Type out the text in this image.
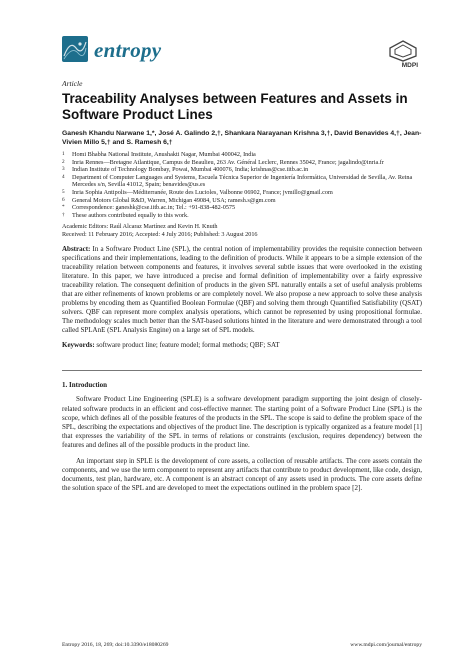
entropy
MDPI
Article
Traceability Analyses between Features and Assets in Software Product Lines
Ganesh Khandu Narwane 1,*, José A. Galindo 2,†, Shankara Narayanan Krishna 3,†, David Benavides 4,†, Jean-Vivien Millo 5,† and S. Ramesh 6,†
1	Homi Bhabha National Institute, Anushakti Nagar, Mumbai 400042, India
2	Inria Rennes—Bretagne Atlantique, Campus de Beaulieu, 263 Av. Général Leclerc, Rennes 35042, France; jagalindo@inria.fr
3	Indian Institute of Technology Bombay, Powai, Mumbai 400076, India; krishnas@cse.iitb.ac.in
4	Department of Computer Languages and Systems, Escuela Técnica Superior de Ingeniería Informática, Universidad de Sevilla, Av. Reina Mercedes s/n, Sevilla 41012, Spain; benavides@us.es
5	Inria Sophia Antipolis—Méditerranée, Route des Lucioles, Valbonne 06902, France; jvmillo@gmail.com
6	General Motors Global R&D, Warren, Michigan 49084, USA; ramesh.s@gm.com
*	Correspondence: ganeshk@cse.iitb.ac.in; Tel.: +91-838-482-0575
†	These authors contributed equally to this work.
Academic Editors: Raúl Alcaraz Martínez and Kevin H. Knuth
Received: 11 February 2016; Accepted: 4 July 2016; Published: 3 August 2016
Abstract: In a Software Product Line (SPL), the central notion of implementability provides the requisite connection between specifications and their implementations, leading to the definition of products. While it appears to be a simple extension of the traceability relation between components and features, it involves several subtle issues that were overlooked in the existing literature. In this paper, we have introduced a precise and formal definition of implementability over a fairly expressive traceability relation. The consequent definition of products in the given SPL naturally entails a set of useful analysis problems that are either refinements of known problems or are completely novel. We also propose a new approach to solve these analysis problems by encoding them as Quantified Boolean Formulae (QBF) and solving them through Quantified Satisfiability (QSAT) solvers. QBF can represent more complex analysis operations, which cannot be represented by using propositional formulae. The methodology scales much better than the SAT-based solutions hinted in the literature and were demonstrated through a tool called SPLAnE (SPL Analysis Engine) on a large set of SPL models.
Keywords: software product line; feature model; formal methods; QBF; SAT
1. Introduction

Software Product Line Engineering (SPLE) is a software development paradigm supporting the joint design of closely-related software products in an efficient and cost-effective manner. The starting point of a Software Product Line (SPL) is the scope, which defines all of the possible features of the products in the SPL. The scope is said to define the problem space of the SPL, describing the expectations and objectives of the product line. The description is typically organized as a feature model [1] that expresses the variability of the SPL in terms of relations or constraints (exclusion, requires dependency) between the features and defines all of the possible products in the product line.

An important step in SPLE is the development of core assets, a collection of reusable artifacts. The core assets contain the components, and we use the term component to represent any artifacts that contribute to product development, like code, design, documents, test plan, hardware, etc. A component is an abstract concept of any assets used in products. The core assets define the solution space of the SPL and are developed to meet the expectations outlined in the problem space [2].

Entropy 2016, 18, 269; doi:10.3390/e18080269	www.mdpi.com/journal/entropy
